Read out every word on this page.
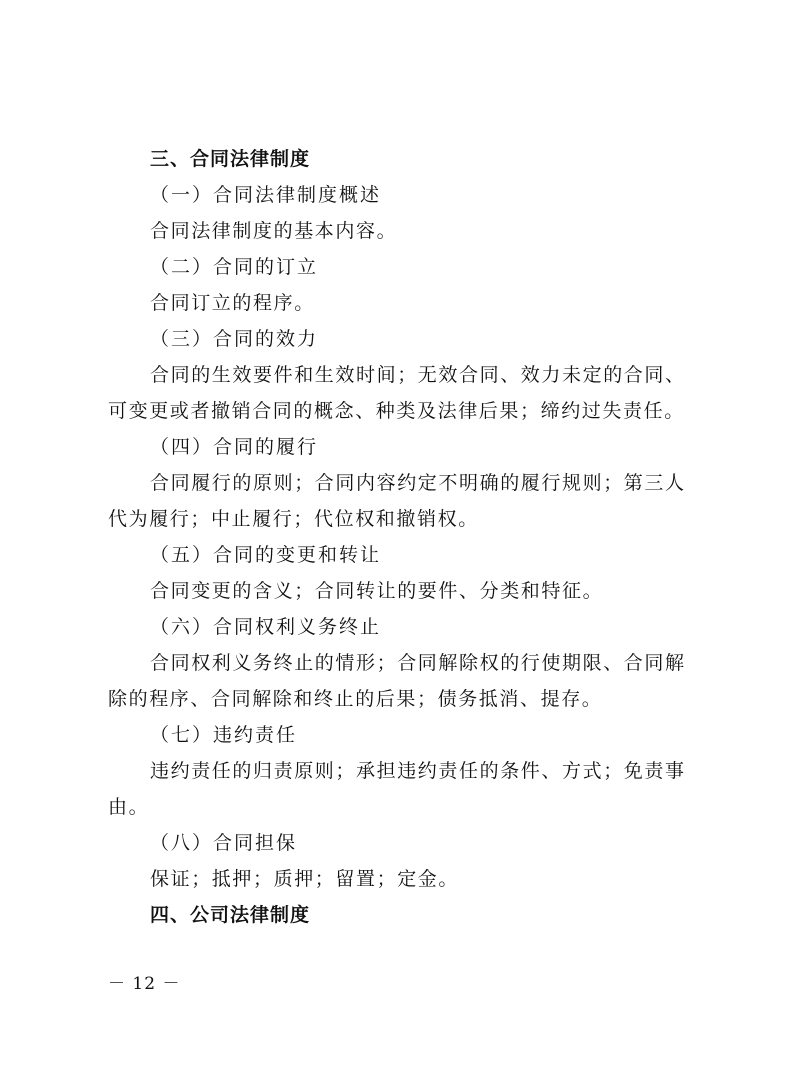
三、合同法律制度
（一）合同法律制度概述
合同法律制度的基本内容。
（二）合同的订立
合同订立的程序。
（三）合同的效力
合同的生效要件和生效时间；无效合同、效力未定的合同、
可变更或者撤销合同的概念、种类及法律后果；缔约过失责任。
（四）合同的履行
合同履行的原则；合同内容约定不明确的履行规则；第三人
代为履行；中止履行；代位权和撤销权。
（五）合同的变更和转让
合同变更的含义；合同转让的要件、分类和特征。
（六）合同权利义务终止
合同权利义务终止的情形；合同解除权的行使期限、合同解
除的程序、合同解除和终止的后果；债务抵消、提存。
（七）违约责任
违约责任的归责原则；承担违约责任的条件、方式；免责事
由。
（八）合同担保
保证；抵押；质押；留置；定金。
四、公司法律制度
－ 12 －
